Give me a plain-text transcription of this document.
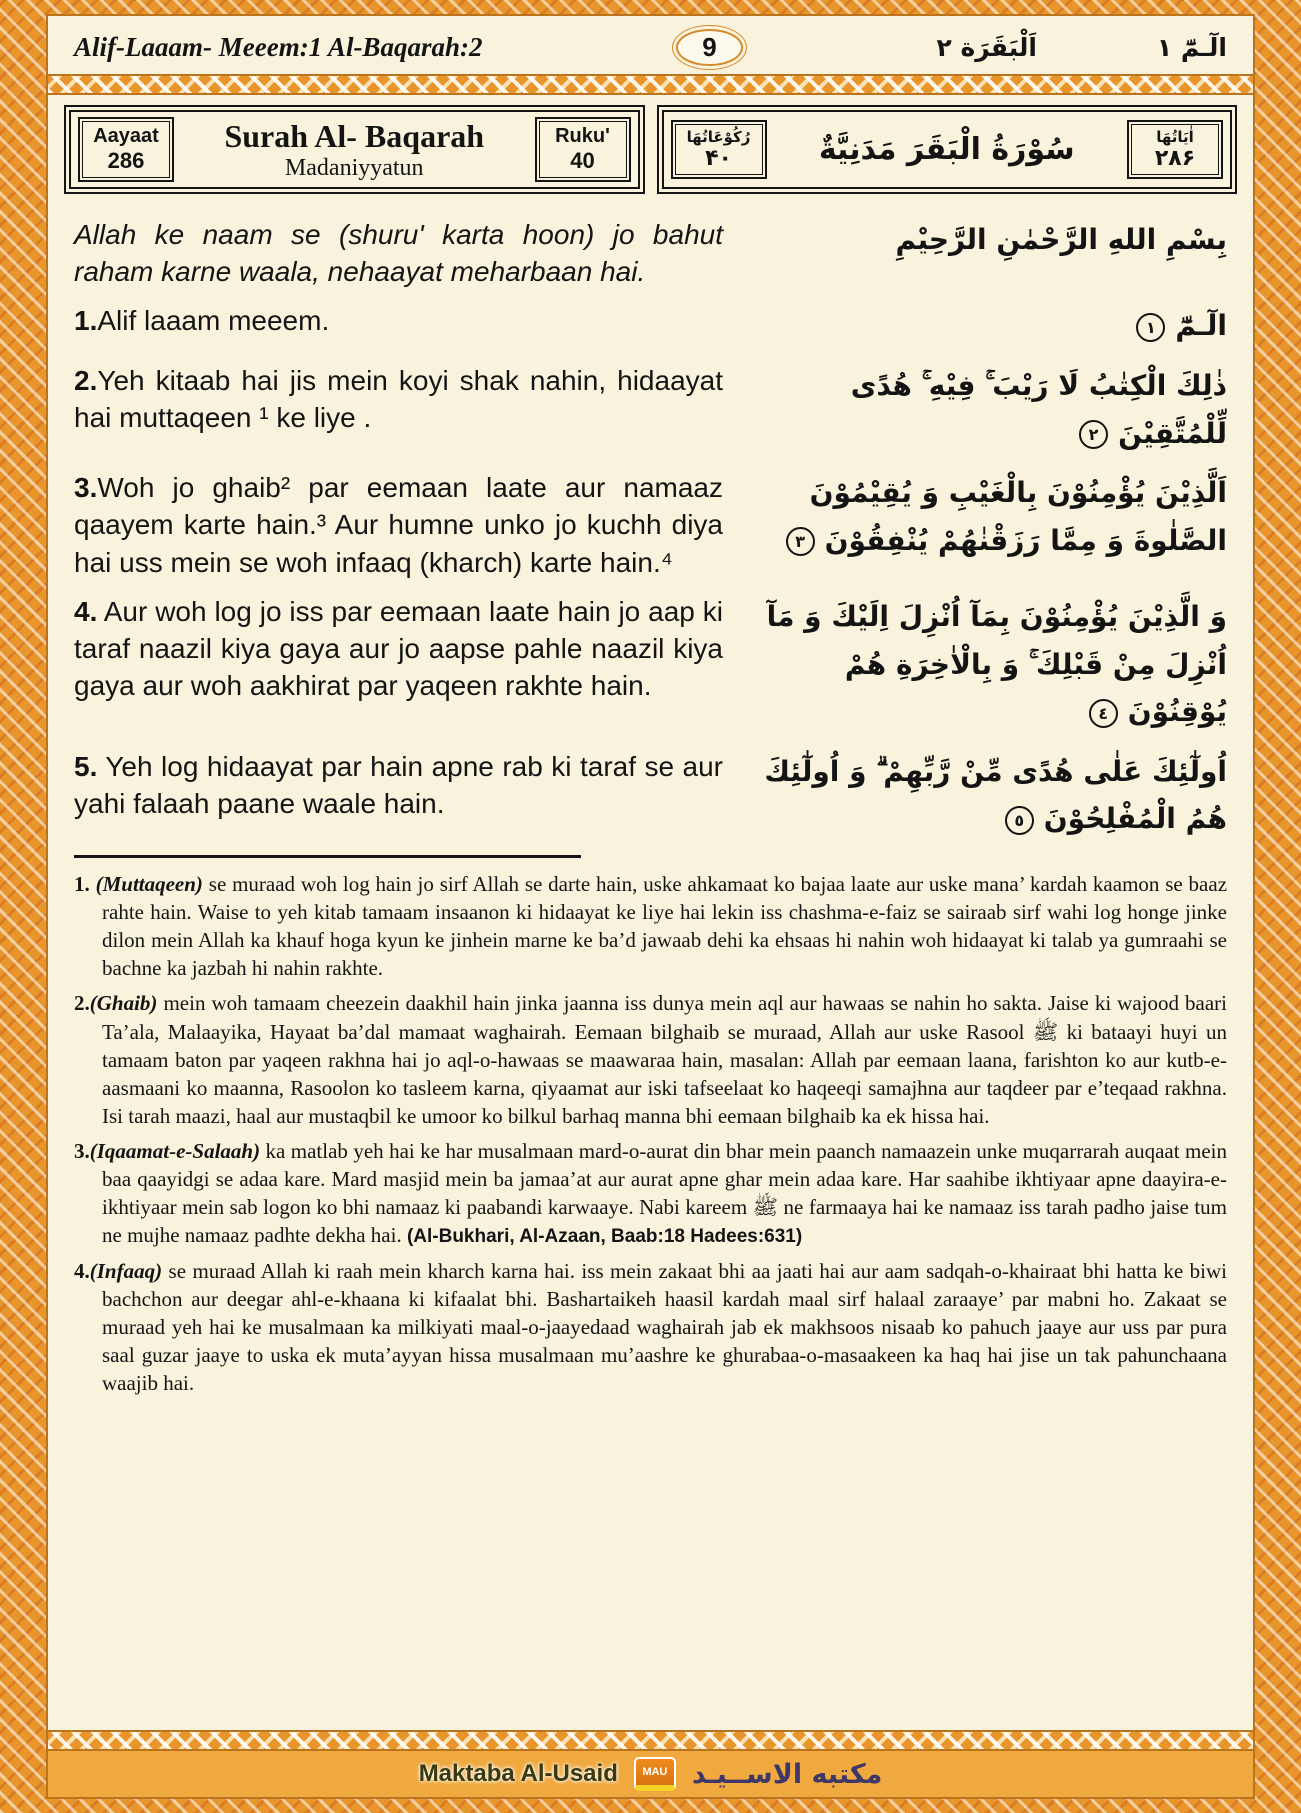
Alif-Laaam- Meeem:1 Al-Baqarah:2	9	اَلْبَقَرَة ٢	الٓـمّٓ ١
Aayaat
286
Surah Al- Baqarah
Madaniyyatun
Ruku'
40
رُكُوْعَاتُهَا
۴۰	سُوْرَةُ الْبَقَرَ مَدَنِيَّةٌ	اٰيَاتُهَا
۲۸۶
Allah ke naam se (shuru' karta hoon) jo bahut raham karne waala, nehaayat meharbaan hai.
بِسْمِ اللهِ الرَّحْمٰنِ الرَّحِيْمِ
1.Alif laaam meeem.	الٓـمّٓ١
2.Yeh kitaab hai jis mein koyi shak nahin, hidaayat hai muttaqeen ¹ ke liye .
ذٰلِكَ الْكِتٰبُ لَا رَيْبَ ۚ فِيْهِ ۚ هُدًى لِّلْمُتَّقِيْنَ٢
3.Woh jo ghaib² par eemaan laate aur namaaz qaayem karte hain.³ Aur humne unko jo kuchh diya hai uss mein se woh infaaq (kharch) karte hain.⁴
اَلَّذِيْنَ يُؤْمِنُوْنَ بِالْغَيْبِ وَ يُقِيْمُوْنَ الصَّلٰوةَ وَ مِمَّا رَزَقْنٰهُمْ يُنْفِقُوْنَ٣
4. Aur woh log jo iss par eemaan laate hain jo aap ki taraf naazil kiya gaya aur jo aapse pahle naazil kiya gaya aur woh aakhirat par yaqeen rakhte hain.
وَ الَّذِيْنَ يُؤْمِنُوْنَ بِمَآ اُنْزِلَ اِلَيْكَ وَ مَآ اُنْزِلَ مِنْ قَبْلِكَ ۚ وَ بِالْاٰخِرَةِ هُمْ يُوْقِنُوْنَ٤
5. Yeh log hidaayat par hain apne rab ki taraf se aur yahi falaah paane waale hain.
اُولٰٓئِكَ عَلٰى هُدًى مِّنْ رَّبِّهِمْ ۗ وَ اُولٰٓئِكَ هُمُ الْمُفْلِحُوْنَ٥

1. (Muttaqeen) se muraad woh log hain jo sirf Allah se darte hain, uske ahkamaat ko bajaa laate aur uske mana’ kardah kaamon se baaz rahte hain. Waise to yeh kitab tamaam insaanon ki hidaayat ke liye hai lekin iss chashma-e-faiz se sairaab sirf wahi log honge jinke dilon mein Allah ka khauf hoga kyun ke jinhein marne ke ba’d jawaab dehi ka ehsaas hi nahin woh hidaayat ki talab ya gumraahi se bachne ka jazbah hi nahin rakhte.

2.(Ghaib) mein woh tamaam cheezein daakhil hain jinka jaanna iss dunya mein aql aur hawaas se nahin ho sakta. Jaise ki wajood baari Ta’ala, Malaayika, Hayaat ba’dal mamaat waghairah. Eemaan bilghaib se muraad, Allah aur uske Rasool ﷺ ki bataayi huyi un tamaam baton par yaqeen rakhna hai jo aql-o-hawaas se maawaraa hain, masalan: Allah par eemaan laana, farishton ko aur kutb-e-aasmaani ko maanna, Rasoolon ko tasleem karna, qiyaamat aur iski tafseelaat ko haqeeqi samajhna aur taqdeer par e’teqaad rakhna. Isi tarah maazi, haal aur mustaqbil ke umoor ko bilkul barhaq manna bhi eemaan bilghaib ka ek hissa hai.

3.(Iqaamat-e-Salaah) ka matlab yeh hai ke har musalmaan mard-o-aurat din bhar mein paanch namaazein unke muqarrarah auqaat mein baa qaayidgi se adaa kare. Mard masjid mein ba jamaa’at aur aurat apne ghar mein adaa kare. Har saahibe ikhtiyaar apne daayira-e-ikhtiyaar mein sab logon ko bhi namaaz ki paabandi karwaaye. Nabi kareem ﷺ ne farmaaya hai ke namaaz iss tarah padho jaise tum ne mujhe namaaz padhte dekha hai. (Al-Bukhari, Al-Azaan, Baab:18 Hadees:631)

4.(Infaaq) se muraad Allah ki raah mein kharch karna hai. iss mein zakaat bhi aa jaati hai aur aam sadqah-o-khairaat bhi hatta ke biwi bachchon aur deegar ahl-e-khaana ki kifaalat bhi. Bashartaikeh haasil kardah maal sirf halaal zaraaye’ par mabni ho. Zakaat se muraad yeh hai ke musalmaan ka milkiyati maal-o-jaayedaad waghairah jab ek makhsoos nisaab ko pahuch jaaye aur uss par pura saal guzar jaaye to uska ek muta’ayyan hissa musalmaan mu’aashre ke ghurabaa-o-masaakeen ka haq hai jise un tak pahunchaana waajib hai.

Maktaba Al-Usaid MAU مكتبه الاســيـد
